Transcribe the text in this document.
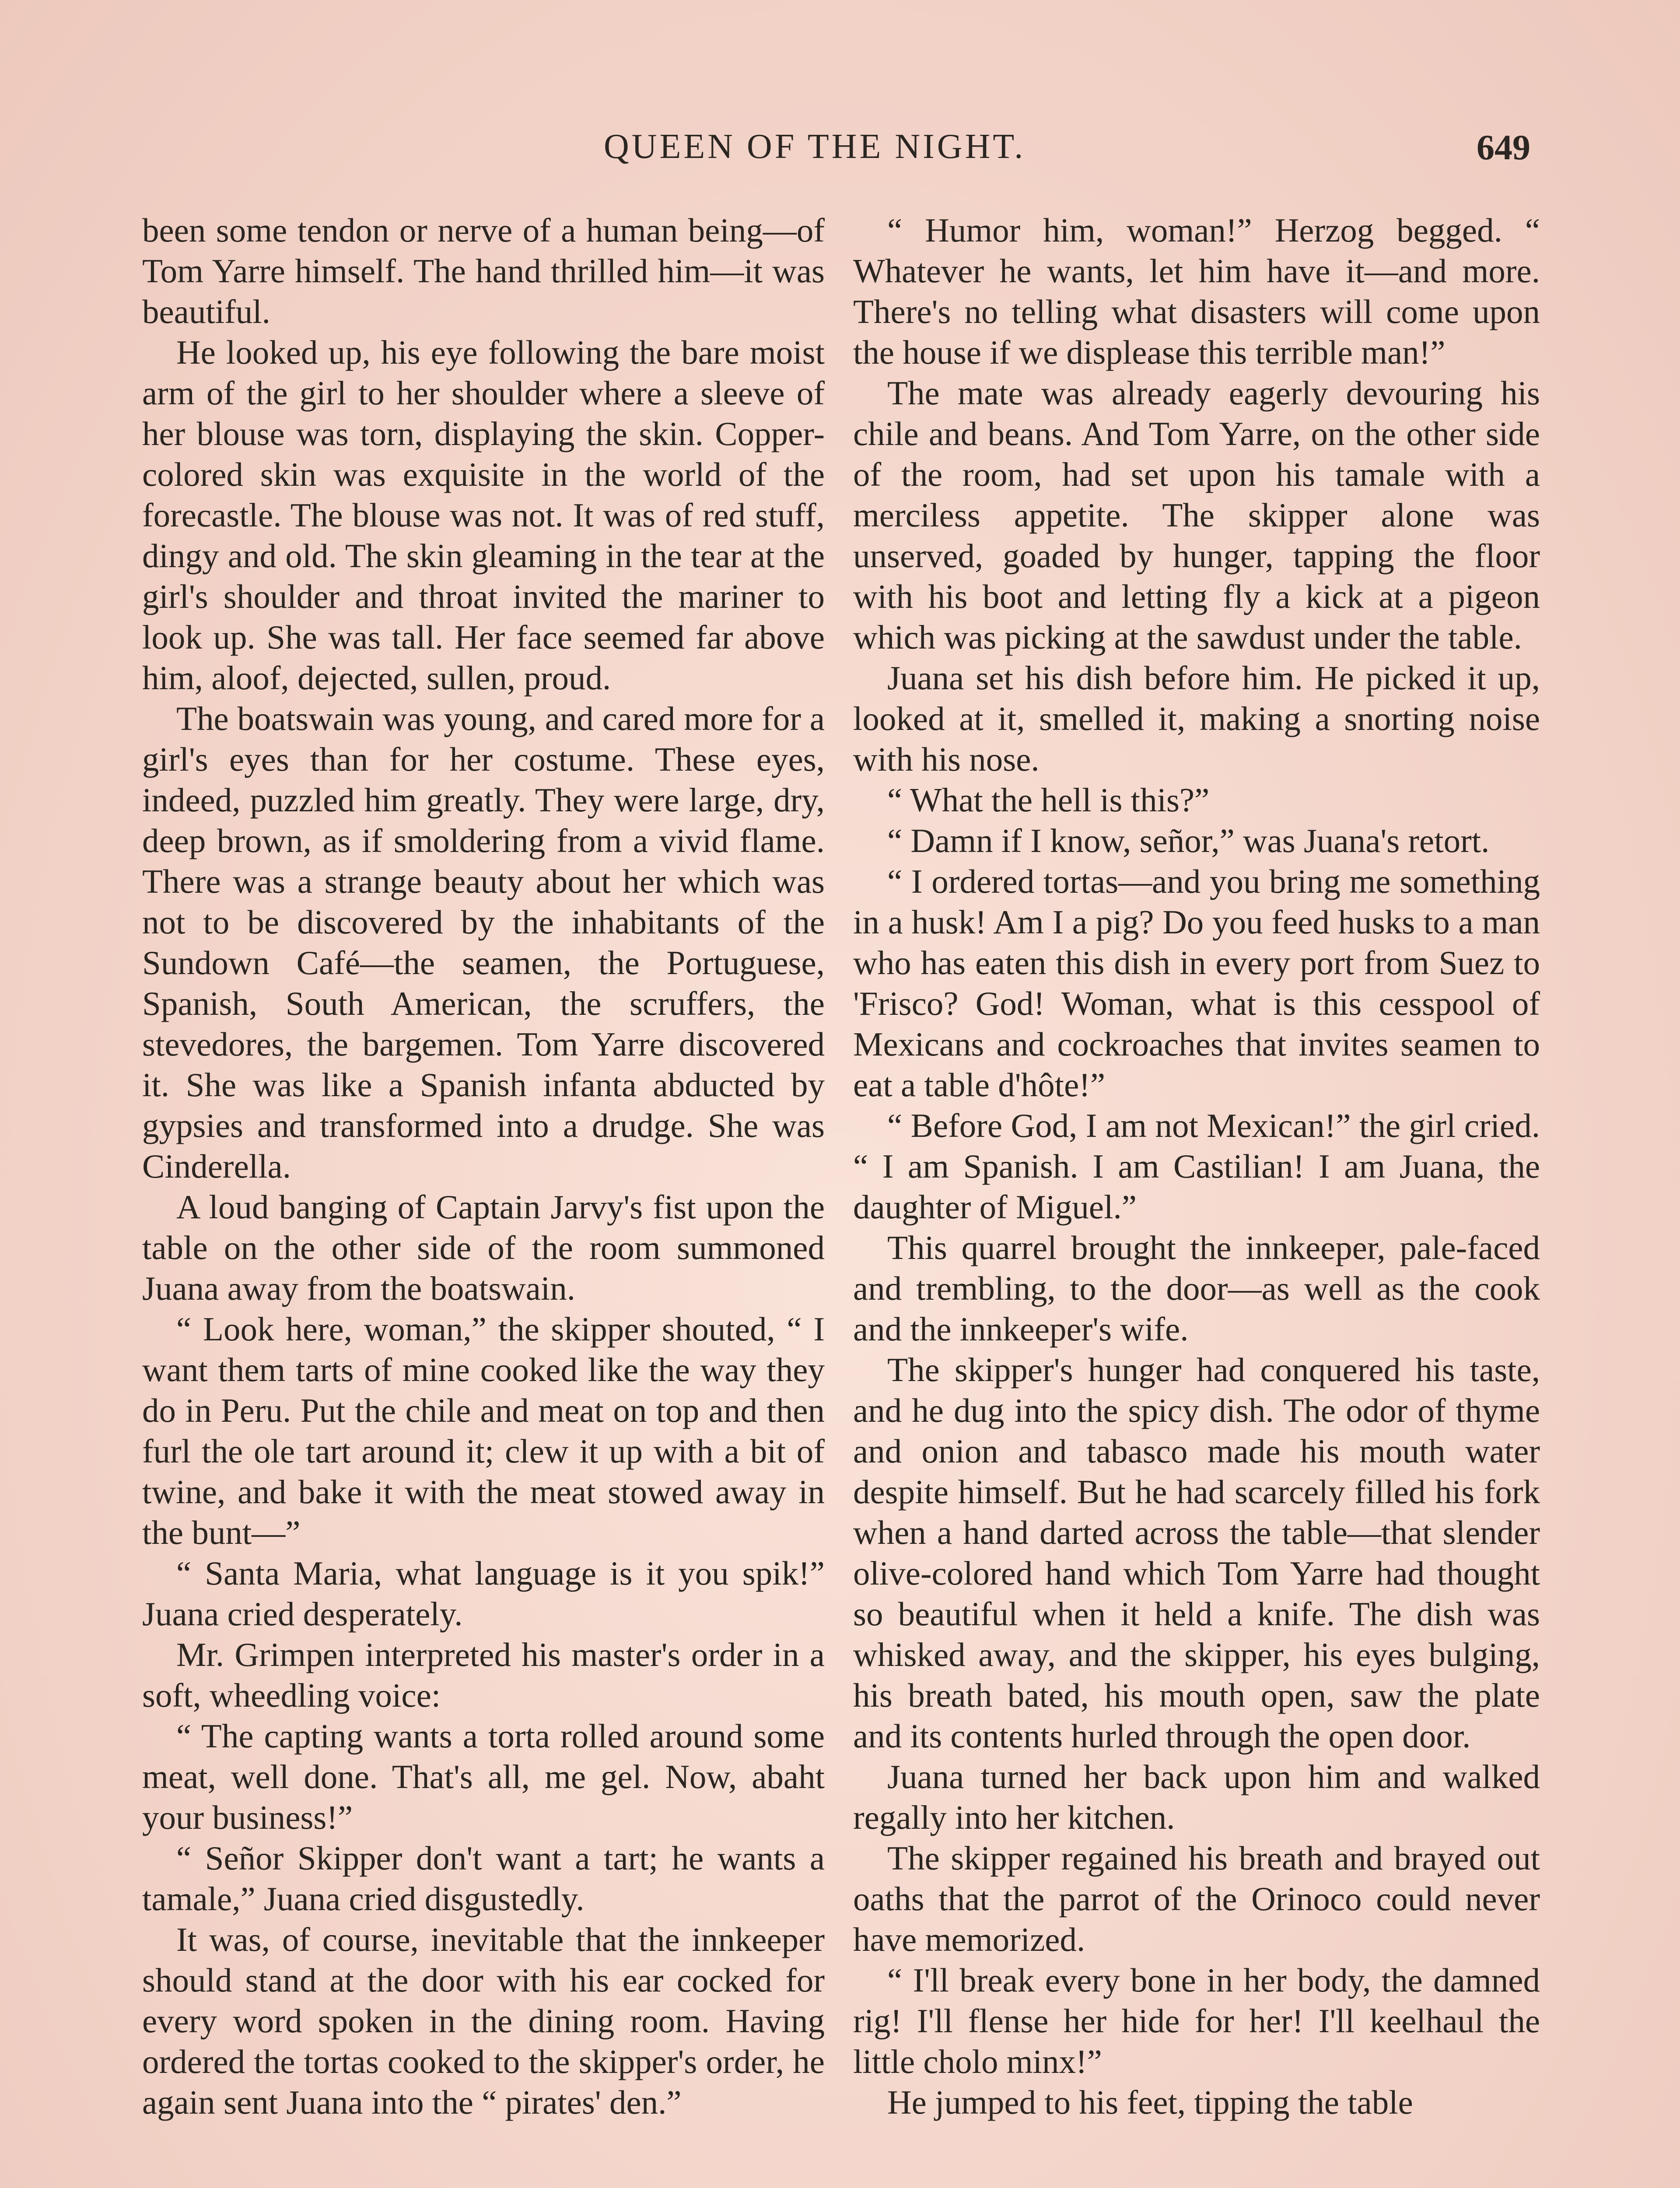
QUEEN OF THE NIGHT.	649

been some tendon or nerve of a human being—of Tom Yarre himself. The hand thrilled him—it was beautiful.

He looked up, his eye following the bare moist arm of the girl to her shoulder where a sleeve of her blouse was torn, displaying the skin. Copper-colored skin was exquisite in the world of the forecastle. The blouse was not. It was of red stuff, dingy and old. The skin gleaming in the tear at the girl's shoulder and throat invited the mariner to look up. She was tall. Her face seemed far above him, aloof, dejected, sullen, proud.

The boatswain was young, and cared more for a girl's eyes than for her costume. These eyes, indeed, puzzled him greatly. They were large, dry, deep brown, as if smoldering from a vivid flame. There was a strange beauty about her which was not to be discovered by the inhabitants of the Sundown Café—the seamen, the Portuguese, Spanish, South American, the scruffers, the stevedores, the bargemen. Tom Yarre discovered it. She was like a Spanish infanta abducted by gypsies and transformed into a drudge. She was Cinderella.

A loud banging of Captain Jarvy's fist upon the table on the other side of the room summoned Juana away from the boatswain.

“ Look here, woman,” the skipper shouted, “ I want them tarts of mine cooked like the way they do in Peru. Put the chile and meat on top and then furl the ole tart around it; clew it up with a bit of twine, and bake it with the meat stowed away in the bunt—”

“ Santa Maria, what language is it you spik!” Juana cried desperately.

Mr. Grimpen interpreted his master's order in a soft, wheedling voice:

“ The capting wants a torta rolled around some meat, well done. That's all, me gel. Now, abaht your business!”

“ Señor Skipper don't want a tart; he wants a tamale,” Juana cried disgustedly.

It was, of course, inevitable that the innkeeper should stand at the door with his ear cocked for every word spoken in the dining room. Having ordered the tortas cooked to the skipper's order, he again sent Juana into the “ pirates' den.”

“ Humor him, woman!” Herzog begged. “ Whatever he wants, let him have it—and more. There's no telling what disasters will come upon the house if we displease this terrible man!”

The mate was already eagerly devouring his chile and beans. And Tom Yarre, on the other side of the room, had set upon his tamale with a merciless appetite. The skipper alone was unserved, goaded by hunger, tapping the floor with his boot and letting fly a kick at a pigeon which was picking at the sawdust under the table.

Juana set his dish before him. He picked it up, looked at it, smelled it, making a snorting noise with his nose.

“ What the hell is this?”

“ Damn if I know, señor,” was Juana's retort.

“ I ordered tortas—and you bring me something in a husk! Am I a pig? Do you feed husks to a man who has eaten this dish in every port from Suez to 'Frisco? God! Woman, what is this cesspool of Mexicans and cockroaches that invites seamen to eat a table d'hôte!”

“ Before God, I am not Mexican!” the girl cried. “ I am Spanish. I am Castilian! I am Juana, the daughter of Miguel.”

This quarrel brought the innkeeper, pale-faced and trembling, to the door—as well as the cook and the innkeeper's wife.

The skipper's hunger had conquered his taste, and he dug into the spicy dish. The odor of thyme and onion and tabasco made his mouth water despite himself. But he had scarcely filled his fork when a hand darted across the table—that slender olive-colored hand which Tom Yarre had thought so beautiful when it held a knife. The dish was whisked away, and the skipper, his eyes bulging, his breath bated, his mouth open, saw the plate and its contents hurled through the open door.

Juana turned her back upon him and walked regally into her kitchen.

The skipper regained his breath and brayed out oaths that the parrot of the Orinoco could never have memorized.

“ I'll break every bone in her body, the damned rig! I'll flense her hide for her! I'll keelhaul the little cholo minx!”

He jumped to his feet, tipping the table
